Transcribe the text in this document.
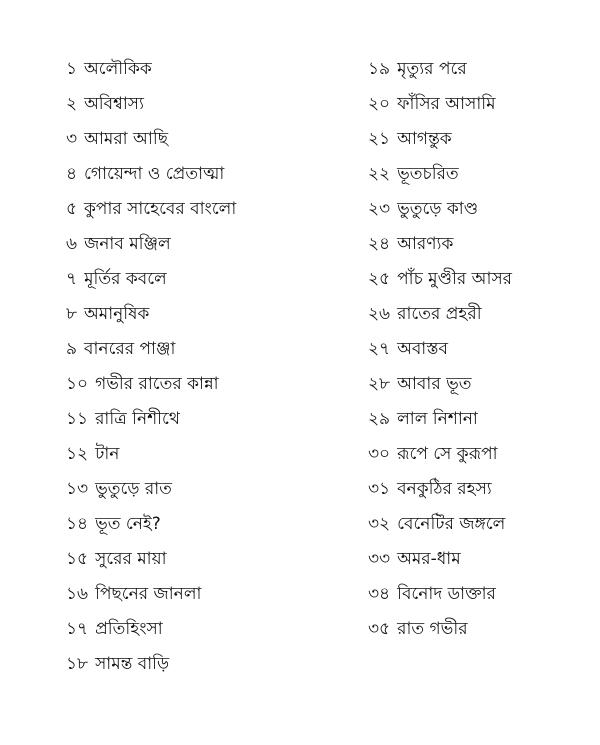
১ অলৌকিক
২ অবিশ্বাস্য
৩ আমরা আছি
৪ গোয়েন্দা ও প্রেতাত্মা
৫ কুপার সাহেবের বাংলো
৬ জনাব মঞ্জিল
৭ মূর্তির কবলে
৮ অমানুষিক
৯ বানরের পাঞ্জা
১০ গভীর রাতের কান্না
১১ রাত্রি নিশীথে
১২ টান
১৩ ভুতুড়ে রাত
১৪ ভূত নেই?
১৫ সুরের মায়া
১৬ পিছনের জানলা
১৭ প্রতিহিংসা
১৮ সামন্ত বাড়ি
১৯ মৃত্যুর পরে
২০ ফাঁসির আসামি
২১ আগন্তুক
২২ ভূতচরিত
২৩ ভুতুড়ে কাণ্ড
২৪ আরণ্যক
২৫ পাঁচ মুণ্ডীর আসর
২৬ রাতের প্রহরী
২৭ অবাস্তব
২৮ আবার ভূত
২৯ লাল নিশানা
৩০ রূপে সে কুরূপা
৩১ বনকুঠির রহস্য
৩২ বেনেটির জঙ্গলে
৩৩ অমর-ধাম
৩৪ বিনোদ ডাক্তার
৩৫ রাত গভীর
